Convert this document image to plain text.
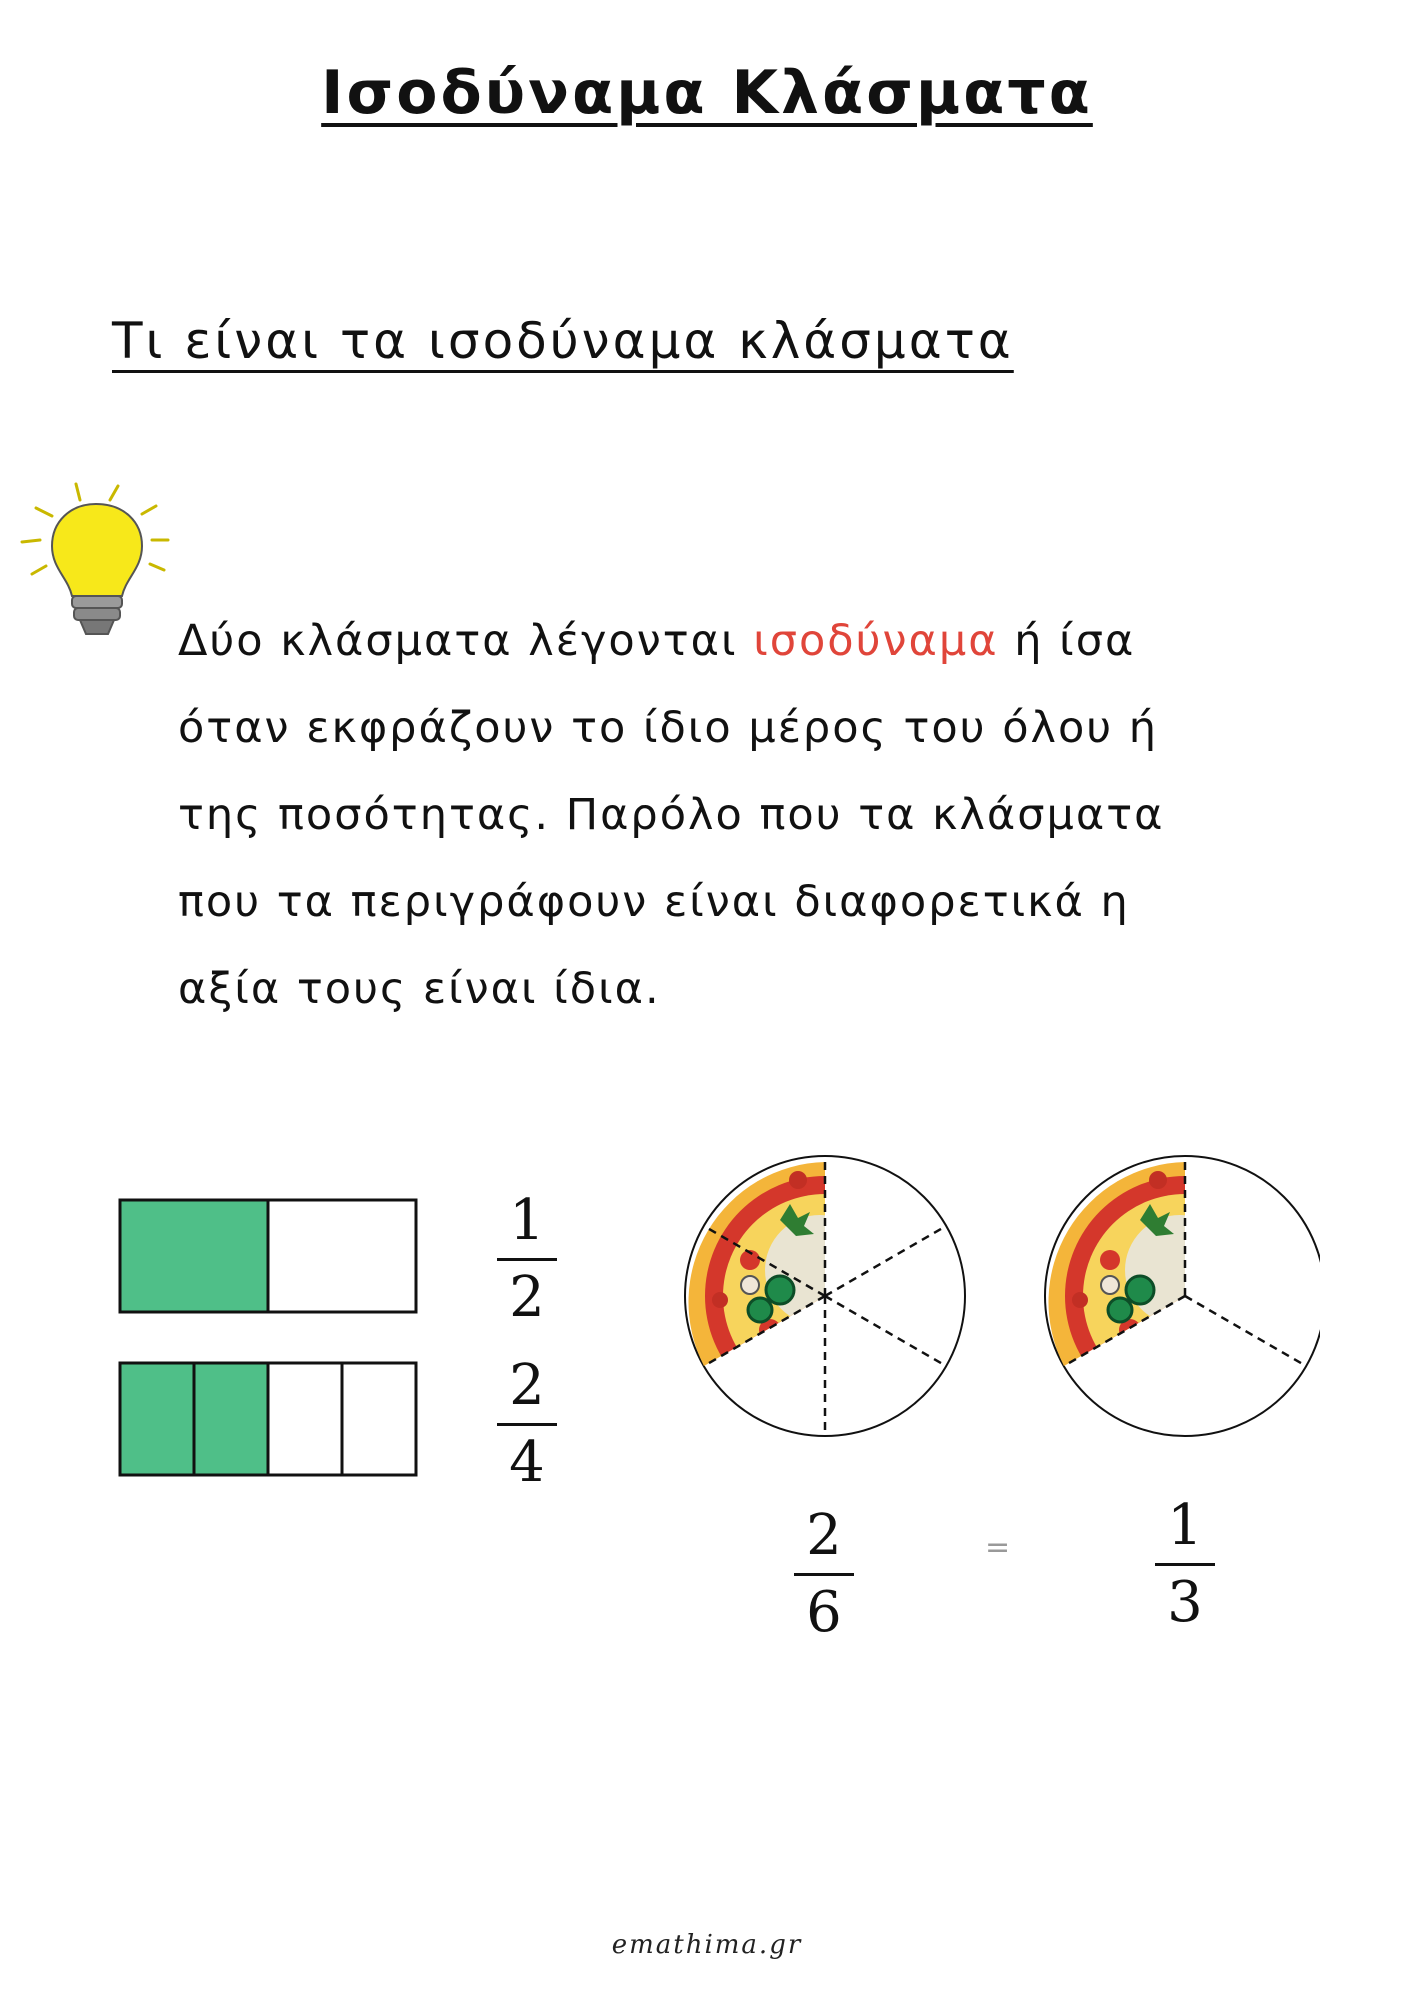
Ισοδύναμα Κλάσματα
Τι είναι τα ισοδύναμα κλάσματα
Δύο κλάσματα λέγονται ισοδύναμα ή ίσα
όταν εκφράζουν το ίδιο μέρος του όλου ή
της ποσότητας. Παρόλο που τα κλάσματα
που τα περιγράφουν είναι διαφορετικά η
αξία τους είναι ίδια.
1
2
2
4
2
6
=	1
3
emathima.gr
